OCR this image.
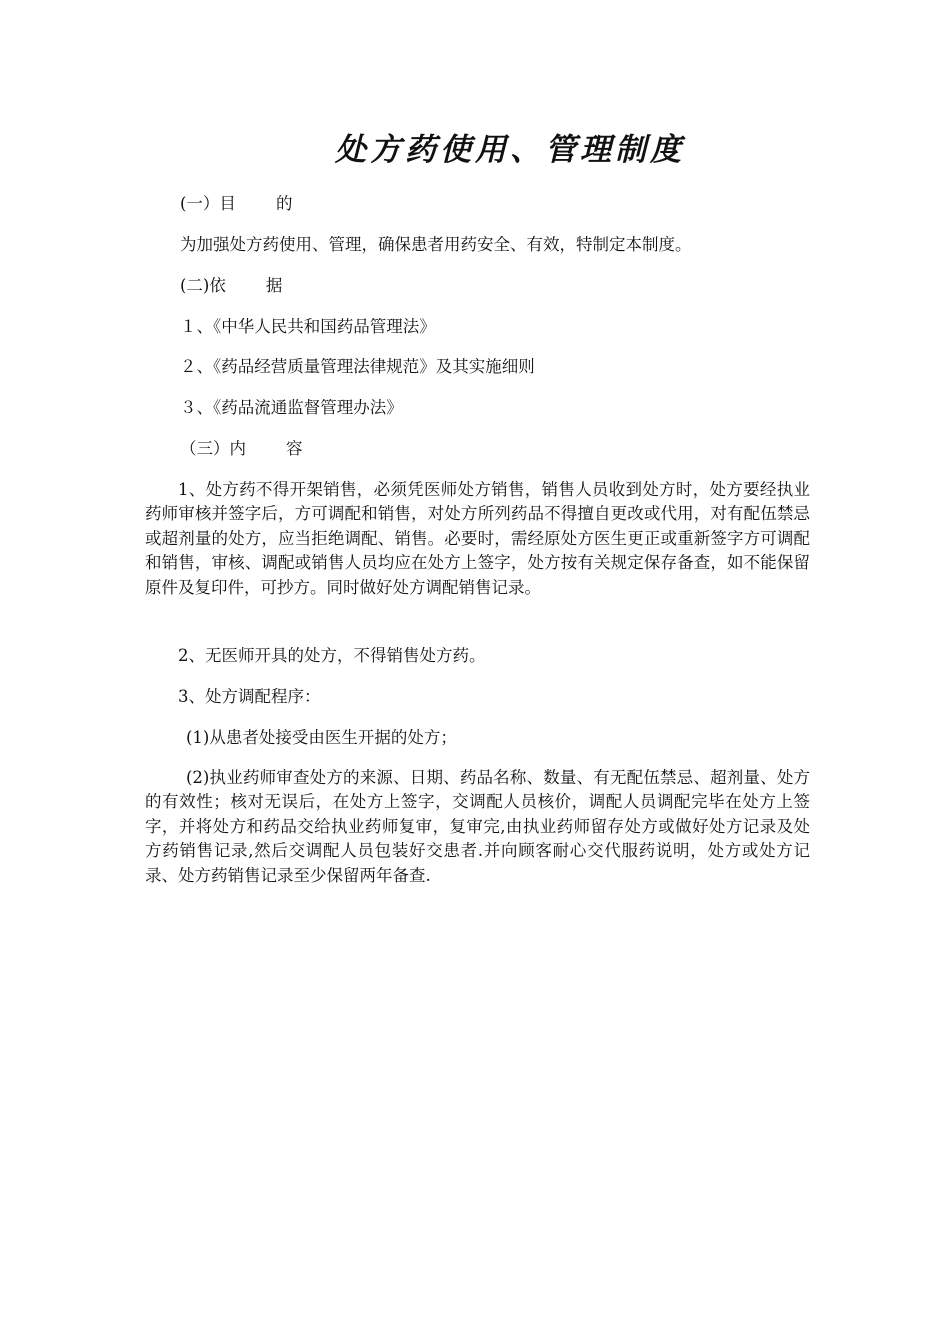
处方药使用、管理制度
(一）目 的
为加强处方药使用、管理，确保患者用药安全、有效，特制定本制度。
(二)依 据
１、《中华人民共和国药品管理法》
２、《药品经营质量管理法律规范》及其实施细则
３、《药品流通监督管理办法》
（三）内 容
1、处方药不得开架销售，必须凭医师处方销售，销售人员收到处方时，处方要经执业药师审核并签字后，方可调配和销售，对处方所列药品不得擅自更改或代用，对有配伍禁忌或超剂量的处方，应当拒绝调配、销售。必要时，需经原处方医生更正或重新签字方可调配和销售，审核、调配或销售人员均应在处方上签字，处方按有关规定保存备查，如不能保留原件及复印件，可抄方。同时做好处方调配销售记录。
2、无医师开具的处方，不得销售处方药。
3、处方调配程序：
(1)从患者处接受由医生开据的处方；
(2)执业药师审查处方的来源、日期、药品名称、数量、有无配伍禁忌、超剂量、处方的有效性；核对无误后，在处方上签字，交调配人员核价，调配人员调配完毕在处方上签字，并将处方和药品交给执业药师复审，复审完,由执业药师留存处方或做好处方记录及处方药销售记录,然后交调配人员包装好交患者.并向顾客耐心交代服药说明，处方或处方记录、处方药销售记录至少保留两年备查.
